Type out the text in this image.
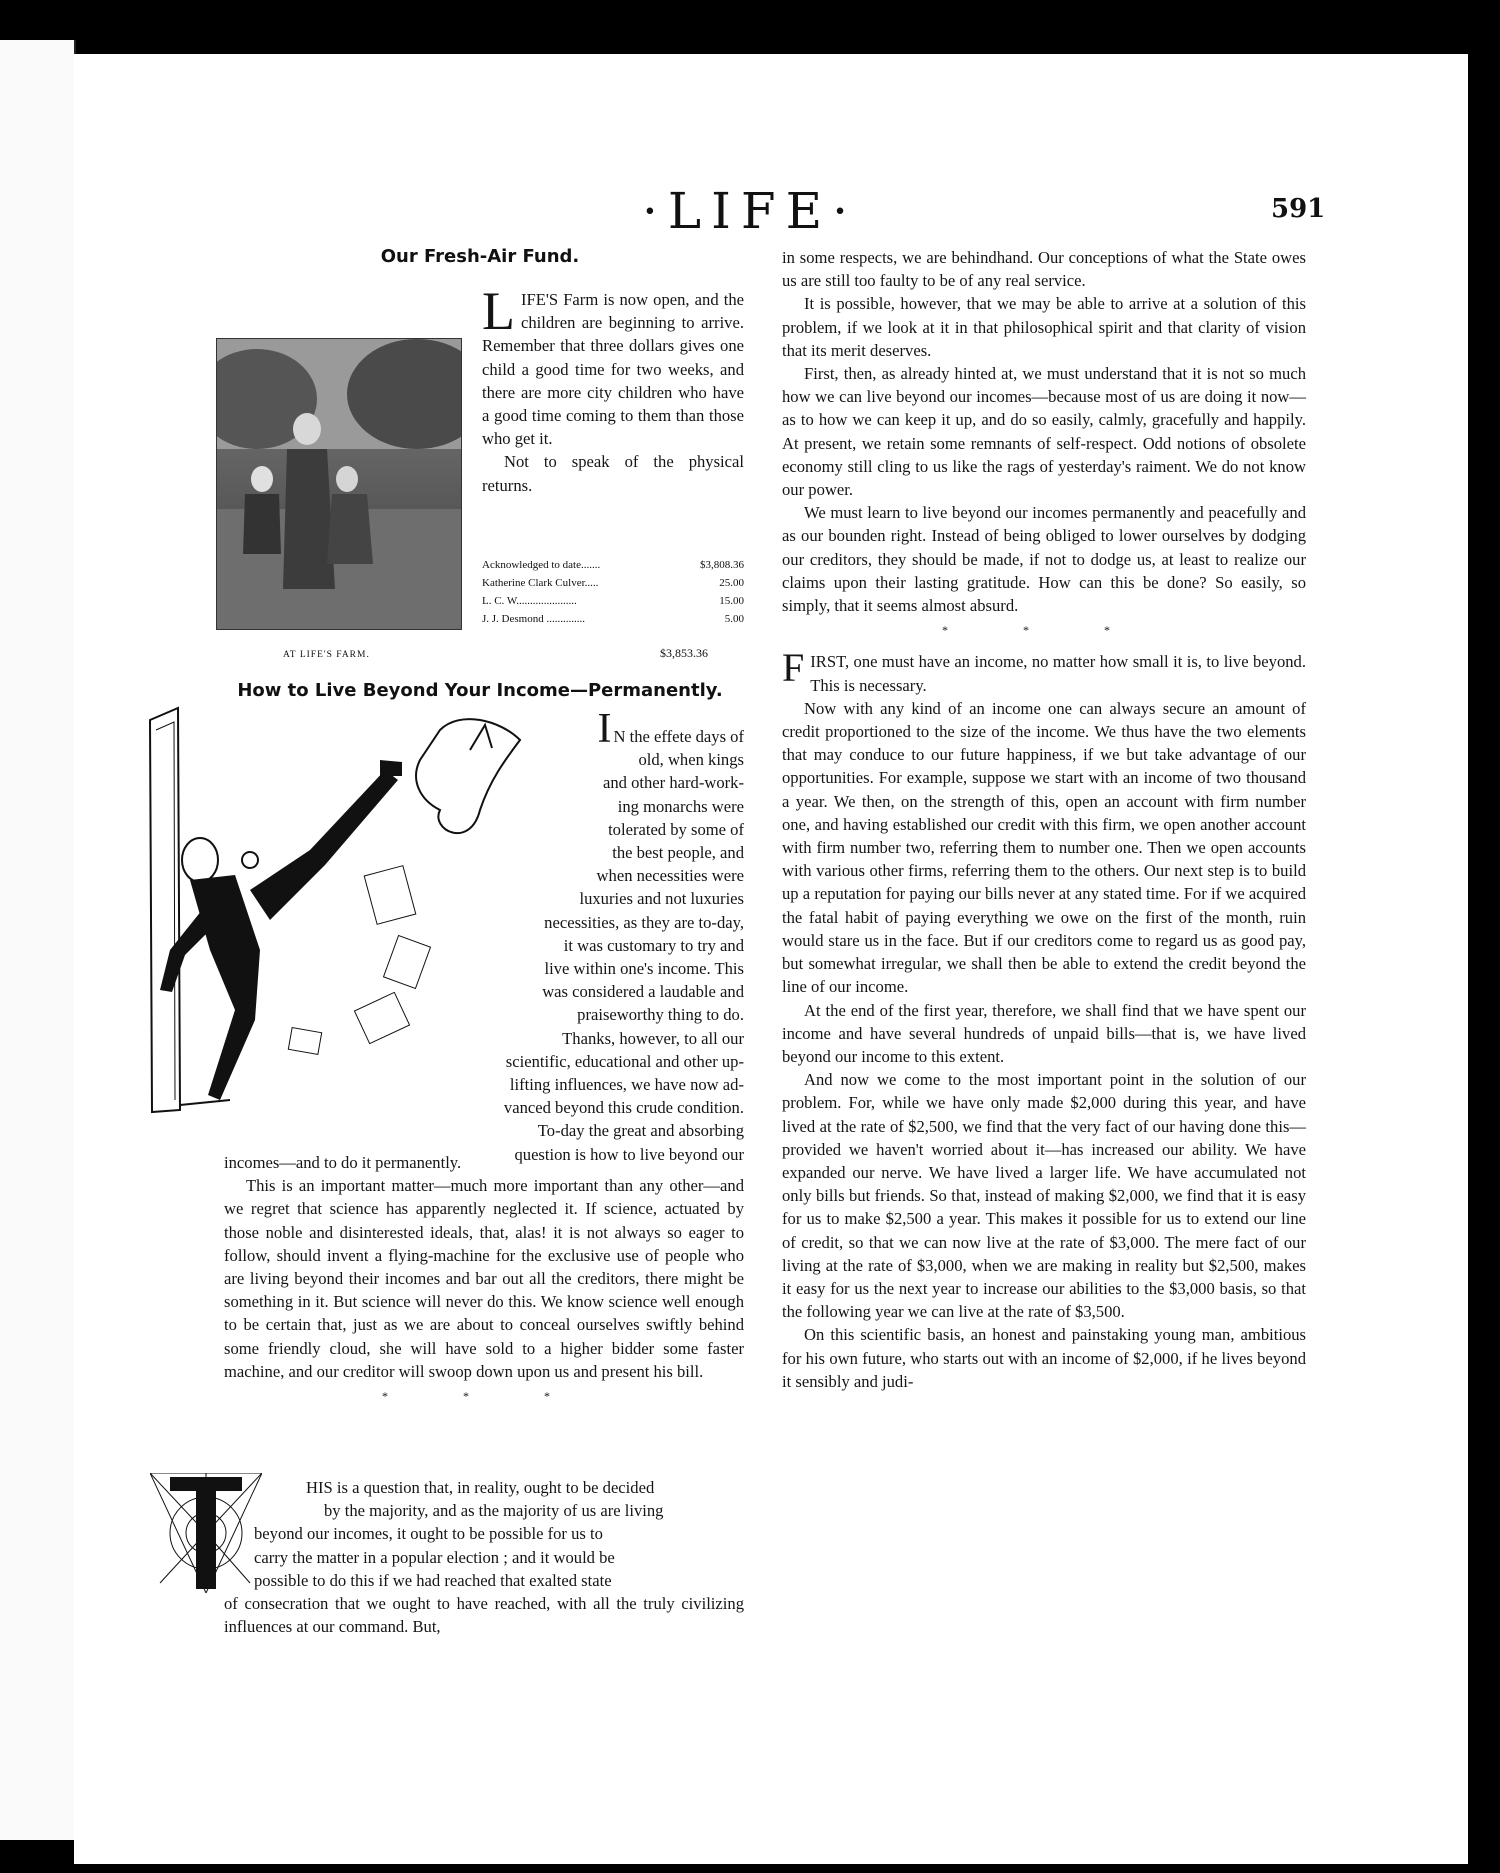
·LIFE·	591
Our Fresh-Air Fund.

LIFE'S Farm is now open, and the children are beginning to arrive. Remember that three dollars gives one child a good time for two weeks, and there are more city children who have a good time coming to them than those who get it.

Not to speak of the physical returns.

Acknowledged to date.......	$3,808.36
Katherine Clark Culver.....	25.00
L. C. W......................	15.00
J. J. Desmond ..............	5.00
AT LIFE'S FARM.	$3,853.36
How to Live Beyond Your Income—Permanently.
I N the effete days of
old, when kings
and other hard-work-
ing monarchs were
tolerated by some of
the best people, and
when necessities were
luxuries and not luxuries
necessities, as they are to-day,
it was customary to try and
live within one's income. This
was considered a laudable and
praiseworthy thing to do.
Thanks, however, to all our
scientific, educational and other up-
lifting influences, we have now ad-
vanced beyond this crude condition.
To-day the great and absorbing
question is how to live beyond our

incomes—and to do it permanently.

This is an important matter—much more important than any other—and we regret that science has apparently neglected it. If science, actuated by those noble and disinterested ideals, that, alas! it is not always so eager to follow, should invent a flying-machine for the exclusive use of people who are living beyond their incomes and bar out all the creditors, there might be something in it. But science will never do this. We know science well enough to be certain that, just as we are about to conceal ourselves swiftly behind some friendly cloud, she will have sold to a higher bidder some faster machine, and our creditor will swoop down upon us and present his bill.

* * *
HIS is a question that, in reality, ought to be decided
by the majority, and as the majority of us are living
beyond our incomes, it ought to be possible for us to
carry the matter in a popular election ; and it would be
possible to do this if we had reached that exalted state

of consecration that we ought to have reached, with all the truly civilizing influences at our command. But,

in some respects, we are behindhand. Our conceptions of what the State owes us are still too faulty to be of any real service.

It is possible, however, that we may be able to arrive at a solution of this problem, if we look at it in that philosophical spirit and that clarity of vision that its merit deserves.

First, then, as already hinted at, we must understand that it is not so much how we can live beyond our incomes—because most of us are doing it now—as to how we can keep it up, and do so easily, calmly, gracefully and happily. At present, we retain some remnants of self-respect. Odd notions of obsolete economy still cling to us like the rags of yesterday's raiment. We do not know our power.

We must learn to live beyond our incomes permanently and peacefully and as our bounden right. Instead of being obliged to lower ourselves by dodging our creditors, they should be made, if not to dodge us, at least to realize our claims upon their lasting gratitude. How can this be done? So easily, so simply, that it seems almost absurd.

* * *

FIRST, one must have an income, no matter how small it is, to live beyond. This is necessary.

Now with any kind of an income one can always secure an amount of credit proportioned to the size of the income. We thus have the two elements that may conduce to our future happiness, if we but take advantage of our opportunities. For example, suppose we start with an income of two thousand a year. We then, on the strength of this, open an account with firm number one, and having established our credit with this firm, we open another account with firm number two, referring them to number one. Then we open accounts with various other firms, referring them to the others. Our next step is to build up a reputation for paying our bills never at any stated time. For if we acquired the fatal habit of paying everything we owe on the first of the month, ruin would stare us in the face. But if our creditors come to regard us as good pay, but somewhat irregular, we shall then be able to extend the credit beyond the line of our income.

At the end of the first year, therefore, we shall find that we have spent our income and have several hundreds of unpaid bills—that is, we have lived beyond our income to this extent.

And now we come to the most important point in the solution of our problem. For, while we have only made $2,000 during this year, and have lived at the rate of $2,500, we find that the very fact of our having done this—provided we haven't worried about it—has increased our ability. We have expanded our nerve. We have lived a larger life. We have accumulated not only bills but friends. So that, instead of making $2,000, we find that it is easy for us to make $2,500 a year. This makes it possible for us to extend our line of credit, so that we can now live at the rate of $3,000. The mere fact of our living at the rate of $3,000, when we are making in reality but $2,500, makes it easy for us the next year to increase our abilities to the $3,000 basis, so that the following year we can live at the rate of $3,500.

On this scientific basis, an honest and painstaking young man, ambitious for his own future, who starts out with an income of $2,000, if he lives beyond it sensibly and judi-

comicbooks.com
